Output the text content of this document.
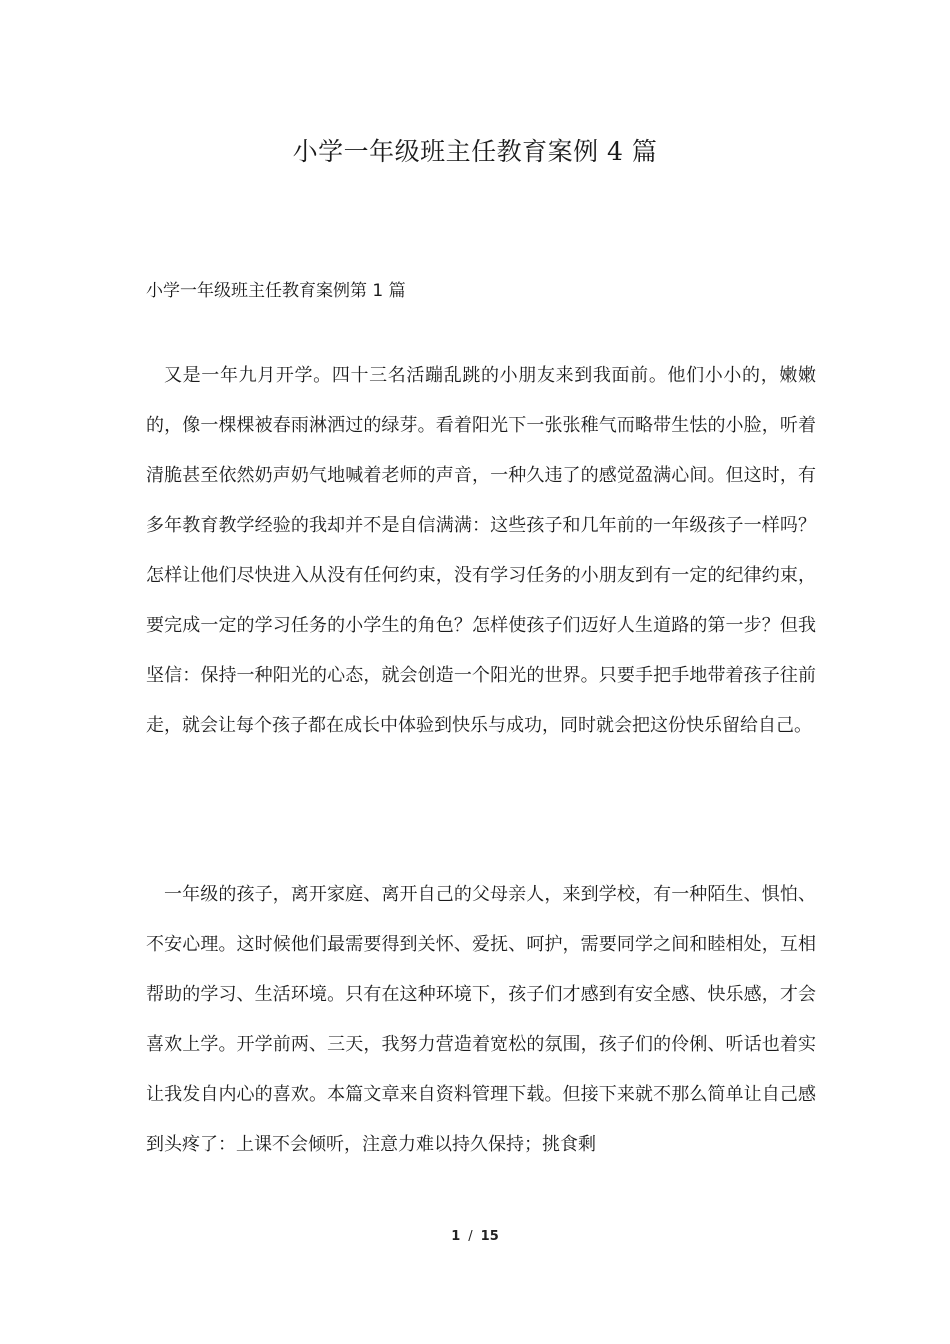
小学一年级班主任教育案例 4 篇
小学一年级班主任教育案例第 1 篇

又是一年九月开学。四十三名活蹦乱跳的小朋友来到我面前。他们小小的，嫩嫩的，像一棵棵被春雨淋洒过的绿芽。看着阳光下一张张稚气而略带生怯的小脸，听着清脆甚至依然奶声奶气地喊着老师的声音，一种久违了的感觉盈满心间。但这时，有多年教育教学经验的我却并不是自信满满：这些孩子和几年前的一年级孩子一样吗？怎样让他们尽快进入从没有任何约束，没有学习任务的小朋友到有一定的纪律约束，要完成一定的学习任务的小学生的角色？怎样使孩子们迈好人生道路的第一步？但我坚信：保持一种阳光的心态，就会创造一个阳光的世界。只要手把手地带着孩子往前走，就会让每个孩子都在成长中体验到快乐与成功，同时就会把这份快乐留给自己。

一年级的孩子，离开家庭、离开自己的父母亲人，来到学校，有一种陌生、惧怕、不安心理。这时候他们最需要得到关怀、爱抚、呵护，需要同学之间和睦相处，互相帮助的学习、生活环境。只有在这种环境下，孩子们才感到有安全感、快乐感，才会喜欢上学。开学前两、三天，我努力营造着宽松的氛围，孩子们的伶俐、听话也着实让我发自内心的喜欢。本篇文章来自资料管理下载。但接下来就不那么简单让自己感到头疼了：上课不会倾听，注意力难以持久保持；挑食剩

1 / 15
